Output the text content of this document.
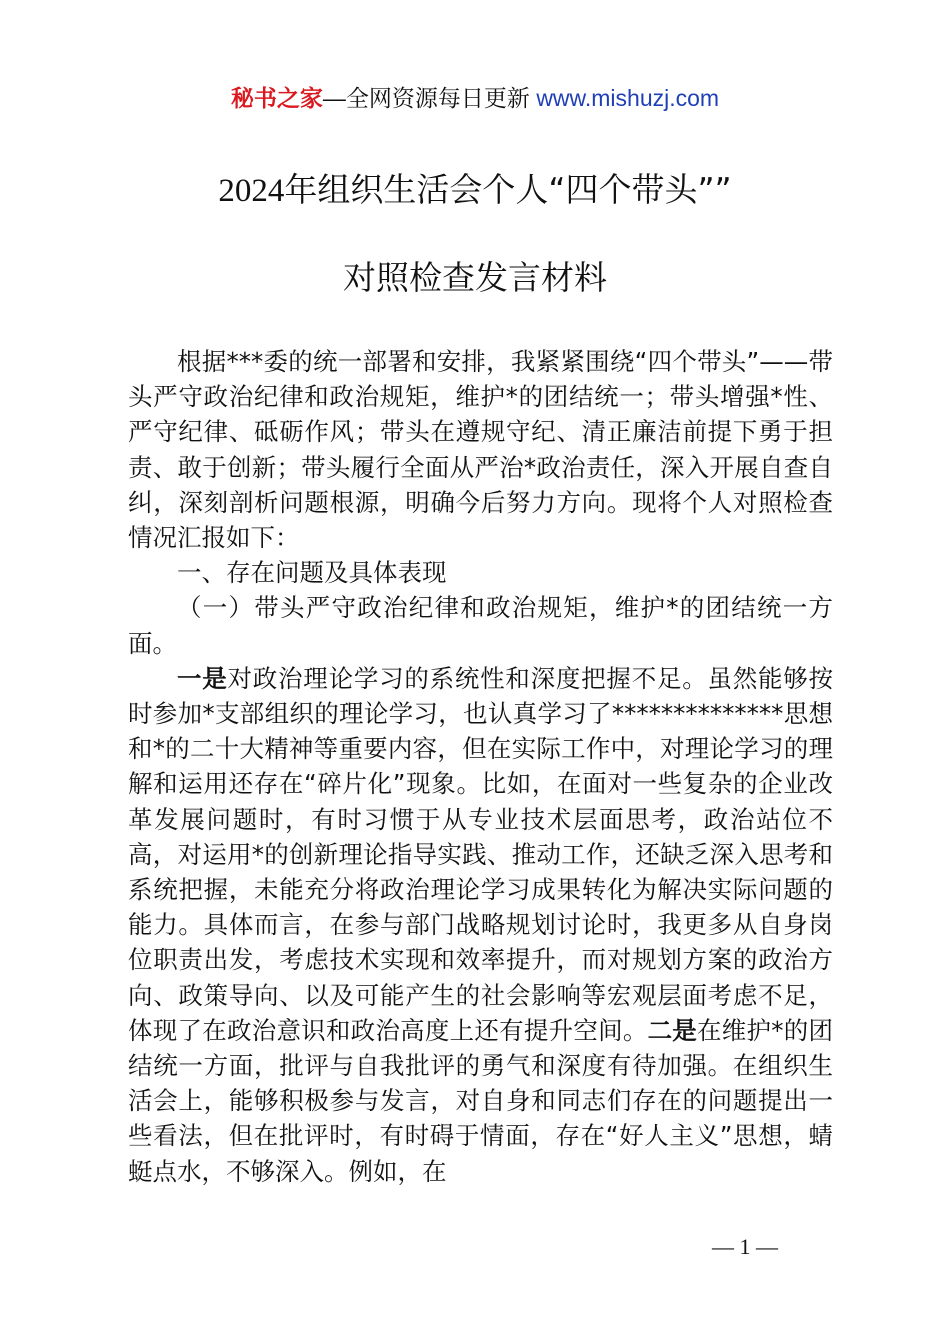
秘书之家—全网资源每日更新 www.mishuzj.com
2024年组织生活会个人“四个带头””
对照检查发言材料

根据***委的统一部署和安排，我紧紧围绕“四个带头”——带头严守政治纪律和政治规矩，维护*的团结统一；带头增强*性、严守纪律、砥砺作风；带头在遵规守纪、清正廉洁前提下勇于担责、敢于创新；带头履行全面从严治*政治责任，深入开展自查自纠，深刻剖析问题根源，明确今后努力方向。现将个人对照检查情况汇报如下：

一、存在问题及具体表现

（一）带头严守政治纪律和政治规矩，维护*的团结统一方面。

一是对政治理论学习的系统性和深度把握不足。虽然能够按时参加*支部组织的理论学习，也认真学习了**************思想和*的二十大精神等重要内容，但在实际工作中，对理论学习的理解和运用还存在“碎片化”现象。比如，在面对一些复杂的企业改革发展问题时，有时习惯于从专业技术层面思考，政治站位不高，对运用*的创新理论指导实践、推动工作，还缺乏深入思考和系统把握，未能充分将政治理论学习成果转化为解决实际问题的能力。具体而言，在参与部门战略规划讨论时，我更多从自身岗位职责出发，考虑技术实现和效率提升，而对规划方案的政治方向、政策导向、以及可能产生的社会影响等宏观层面考虑不足，体现了在政治意识和政治高度上还有提升空间。二是在维护*的团结统一方面，批评与自我批评的勇气和深度有待加强。在组织生活会上，能够积极参与发言，对自身和同志们存在的问题提出一些看法，但在批评时，有时碍于情面，存在“好人主义”思想，蜻蜓点水，不够深入。例如，在

— 1 —
